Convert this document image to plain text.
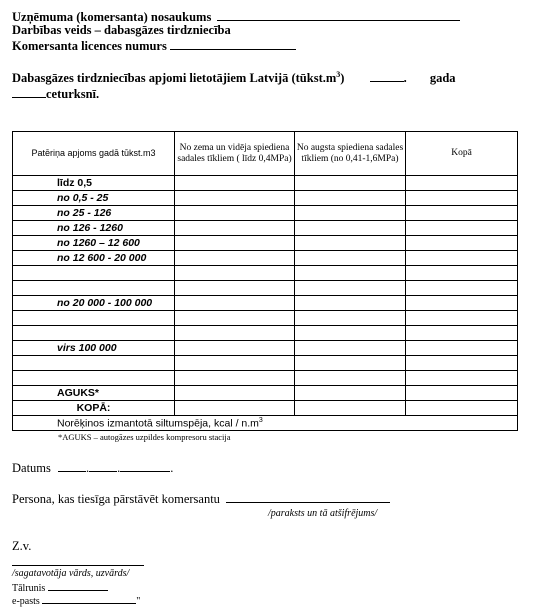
Uzņēmuma (komersanta) nosaukums
Darbības veids – dabasgāzes tirdzniecība
Komersanta licences numurs
Dabasgāzes tirdzniecības apjomi lietotājiem Latvijā $(tūkst.m^3)$	. gada
ceturksnī.
Patēriņa apjoms gadā tūkst.m3	No zema un vidēja spiediena sadales tīkliem ( līdz 0,4MPa)	No augsta spiediena sadales tīkliem (no 0,41-1,6MPa)	Kopā
līdz 0,5			
no 0,5 - 25			
no 25 - 126			
no 126 - 1260			
no 1260 – 12 600			
no 12 600 - 20 000			

no 20 000 - 100 000			

virs 100 000			

AGUKS*			
KOPĀ:			
Norēķinos izmantotā siltumspēja, kcal / $n.m^3$
*AGUKS – autogāzes uzpildes kompresoru stacija
Datums	. .	.
Persona, kas tiesīga pārstāvēt komersantu
/paraksts un tā atšifrējums/
Z.v.
/sagatavotāja vārds, uzvārds/
Tālrunis
e-pasts	"
